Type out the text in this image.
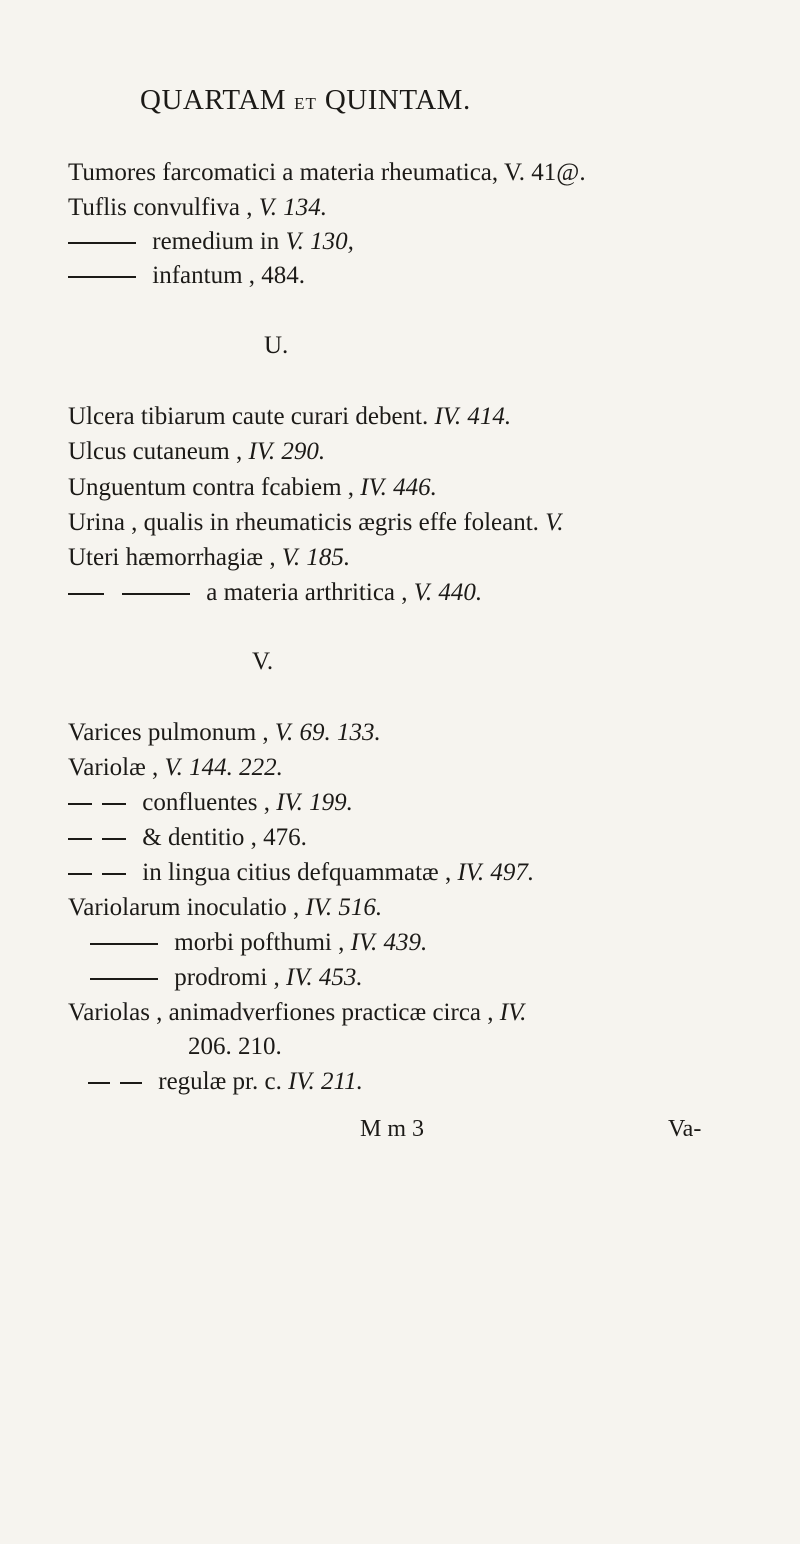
QUARTAM ET QUINTAM.
Tumores farcomatici a materia rheumatica, V. 41@.
Tuflis convulfiva , V. 134.
remedium in V. 130,
infantum , 484.
U.
Ulcera tibiarum caute curari debent. IV. 414.
Ulcus cutaneum , IV. 290.
Unguentum contra fcabiem , IV. 446.
Urina , qualis in rheumaticis ægris effe foleant. V.
Uteri hæmorrhagiæ , V. 185.
a materia arthritica , V. 440.
V.
Varices pulmonum , V. 69. 133.
Variolæ , V. 144. 222.
confluentes , IV. 199.
& dentitio , 476.
in lingua citius defquammatæ , IV. 497.
Variolarum inoculatio , IV. 516.
morbi pofthumi , IV. 439.
prodromi , IV. 453.
Variolas , animadverfiones practicæ circa , IV.
206. 210.
regulæ pr. c. IV. 211.
M m 3	Va-
